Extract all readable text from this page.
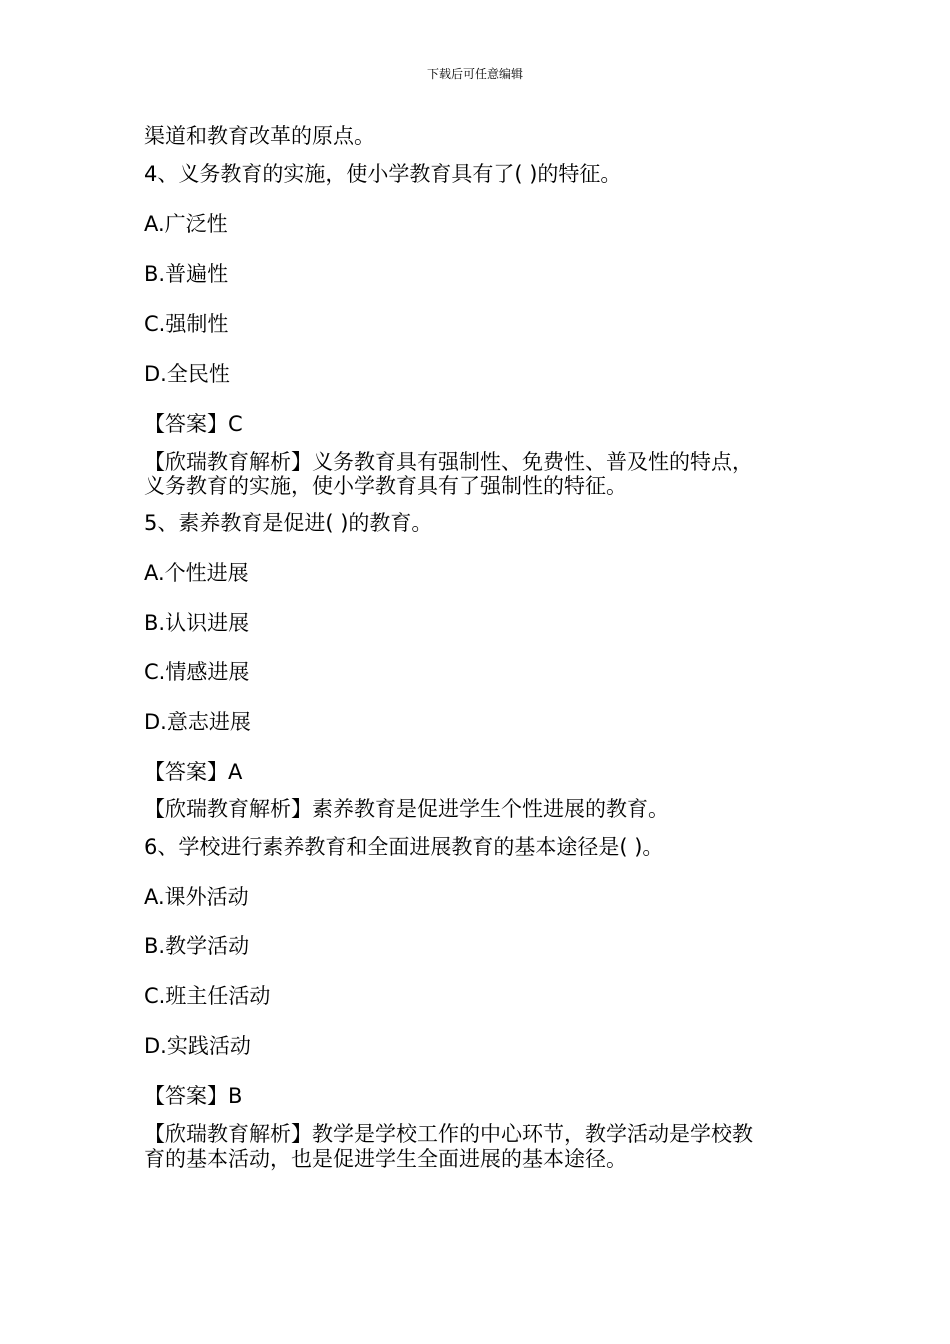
下载后可任意编辑
渠道和教育改革的原点。
4、义务教育的实施，使小学教育具有了( )的特征。
A.广泛性
B.普遍性
C.强制性
D.全民性
【答案】C
【欣瑞教育解析】义务教育具有强制性、免费性、普及性的特点，
义务教育的实施，使小学教育具有了强制性的特征。
5、素养教育是促进( )的教育。
A.个性进展
B.认识进展
C.情感进展
D.意志进展
【答案】A
【欣瑞教育解析】素养教育是促进学生个性进展的教育。
6、学校进行素养教育和全面进展教育的基本途径是( )。
A.课外活动
B.教学活动
C.班主任活动
D.实践活动
【答案】B
【欣瑞教育解析】教学是学校工作的中心环节，教学活动是学校教
育的基本活动，也是促进学生全面进展的基本途径。
